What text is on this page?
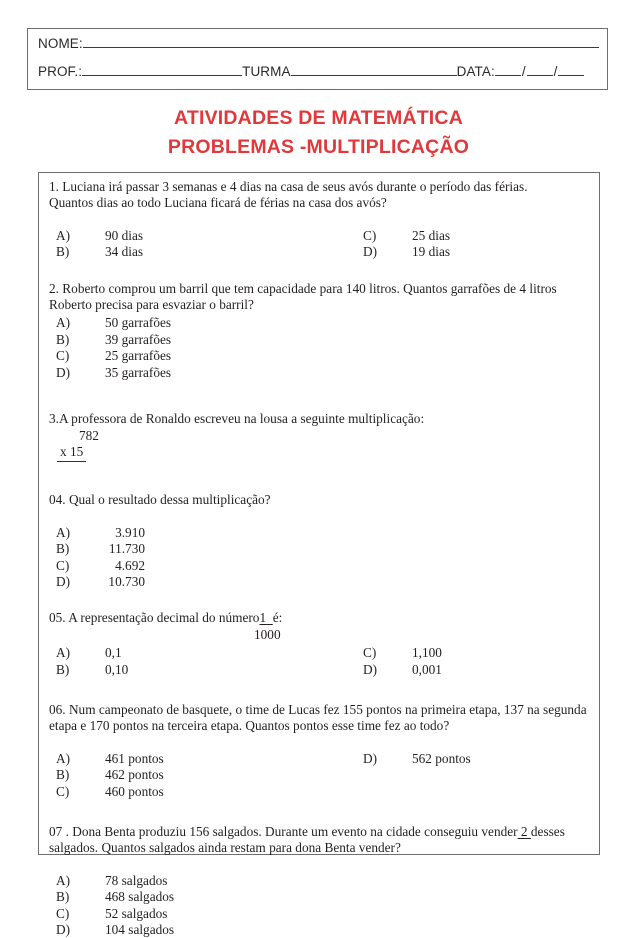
NOME:
PROF.:	TURMA	DATA: / /
ATIVIDADES DE MATEMÁTICA
PROBLEMAS -MULTIPLICAÇÃO
1. Luciana irá passar 3 semanas e 4 dias na casa de seus avós durante o período das férias.
Quantos dias ao todo Luciana ficará de férias na casa dos avós?
A)	90 dias
B)	34 dias
C)	25 dias
D)	19 dias
2. Roberto comprou um barril que tem capacidade para 140 litros. Quantos garrafões de 4 litros
Roberto precisa para esvaziar o barril?
A)	50 garrafões
B)	39 garrafões
C)	25 garrafões
D)	35 garrafões
3.A professora de Ronaldo escreveu na lousa a seguinte multiplicação:
782
x 15
04. Qual o resultado dessa multiplicação?
A)	3.910
B)	11.730
C)	4.692
D)	10.730
05. A representação decimal do número1 é:
1000
A)	0,1
B)	0,10
C)	1,100
D)	0,001
06. Num campeonato de basquete, o time de Lucas fez 155 pontos na primeira etapa, 137 na segunda
etapa e 170 pontos na terceira etapa. Quantos pontos esse time fez ao todo?
A)	461 pontos
B)	462 pontos
C)	460 pontos
D)	562 pontos
07 . Dona Benta produziu 156 salgados. Durante um evento na cidade conseguiu vender 2 desses
salgados. Quantos salgados ainda restam para dona Benta vender?
A)	78 salgados
B)	468 salgados
C)	52 salgados
D)	104 salgados
